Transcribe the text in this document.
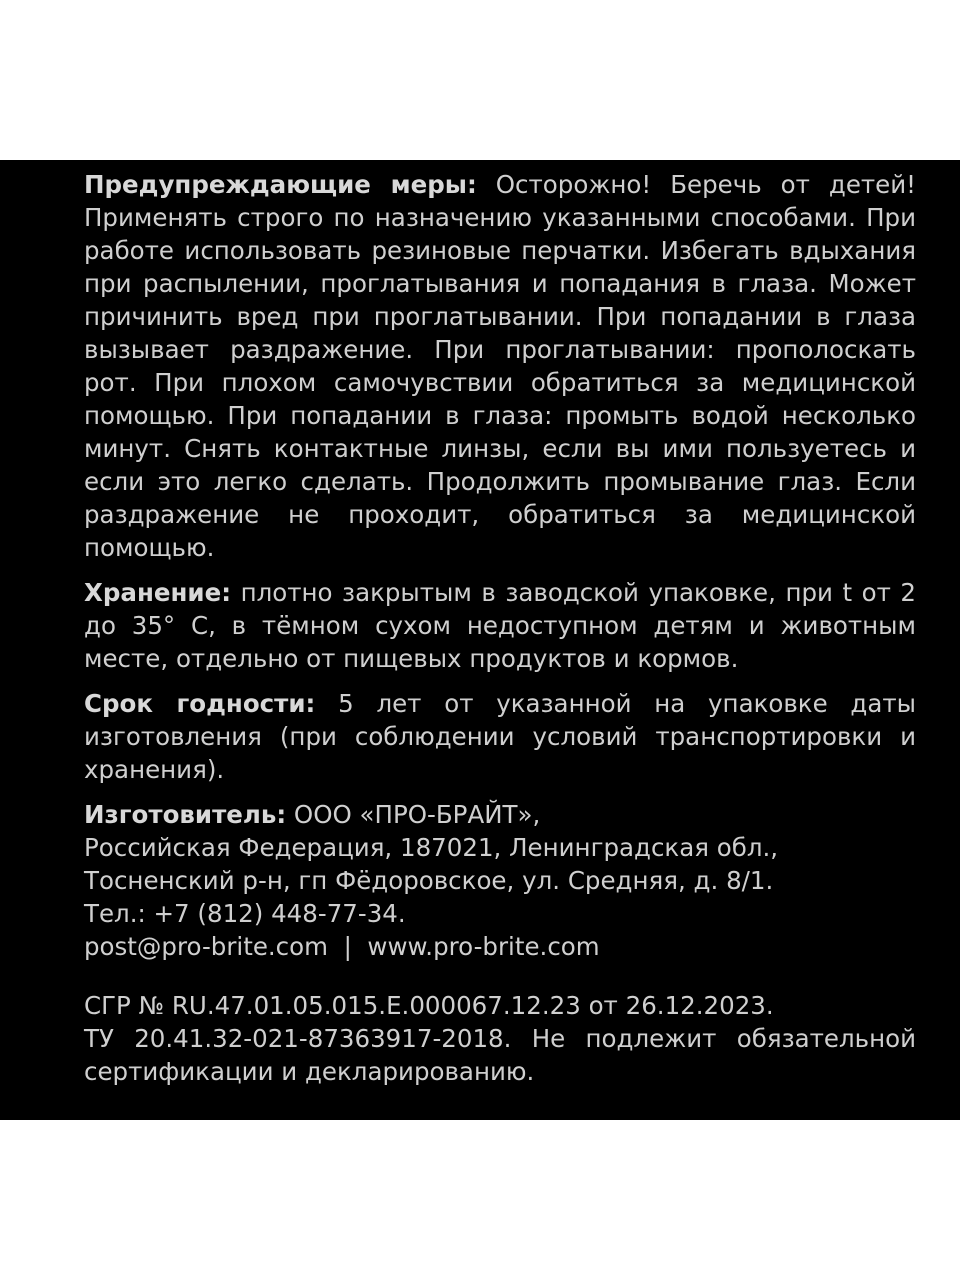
Предупреждающие меры: Осторожно! Беречь от детей! Применять строго по назначению указанными способами. При работе использовать резиновые перчатки. Избегать вдыхания при распылении, проглатывания и попадания в глаза. Может причинить вред при проглатывании. При попадании в глаза вызывает раздражение. При проглатывании: прополоскать рот. При плохом самочувствии обратиться за медицинской помощью. При попадании в глаза: промыть водой несколько минут. Снять контактные линзы, если вы ими пользуетесь и если это легко сделать. Продолжить промывание глаз. Если раздражение не проходит, обратиться за медицинской помощью.

Хранение: плотно закрытым в заводской упаковке, при t от 2 до 35° С, в тёмном сухом недоступном детям и животным месте, отдельно от пищевых продуктов и кормов.

Срок годности: 5 лет от указанной на упаковке даты изготовления (при соблюдении условий транспортировки и хранения).

Изготовитель: ООО «ПРО-БРАЙТ»,
Российская Федерация, 187021, Ленинградская обл.,
Тосненский р-н, гп Фёдоровское, ул. Средняя, д. 8/1.
Тел.: +7 (812) 448-77-34.
post@pro-brite.com  |  www.pro-brite.com

СГР № RU.47.01.05.015.Е.000067.12.23 от 26.12.2023.
ТУ 20.41.32-021-87363917-2018. Не подлежит обязательной сертификации и декларированию.
